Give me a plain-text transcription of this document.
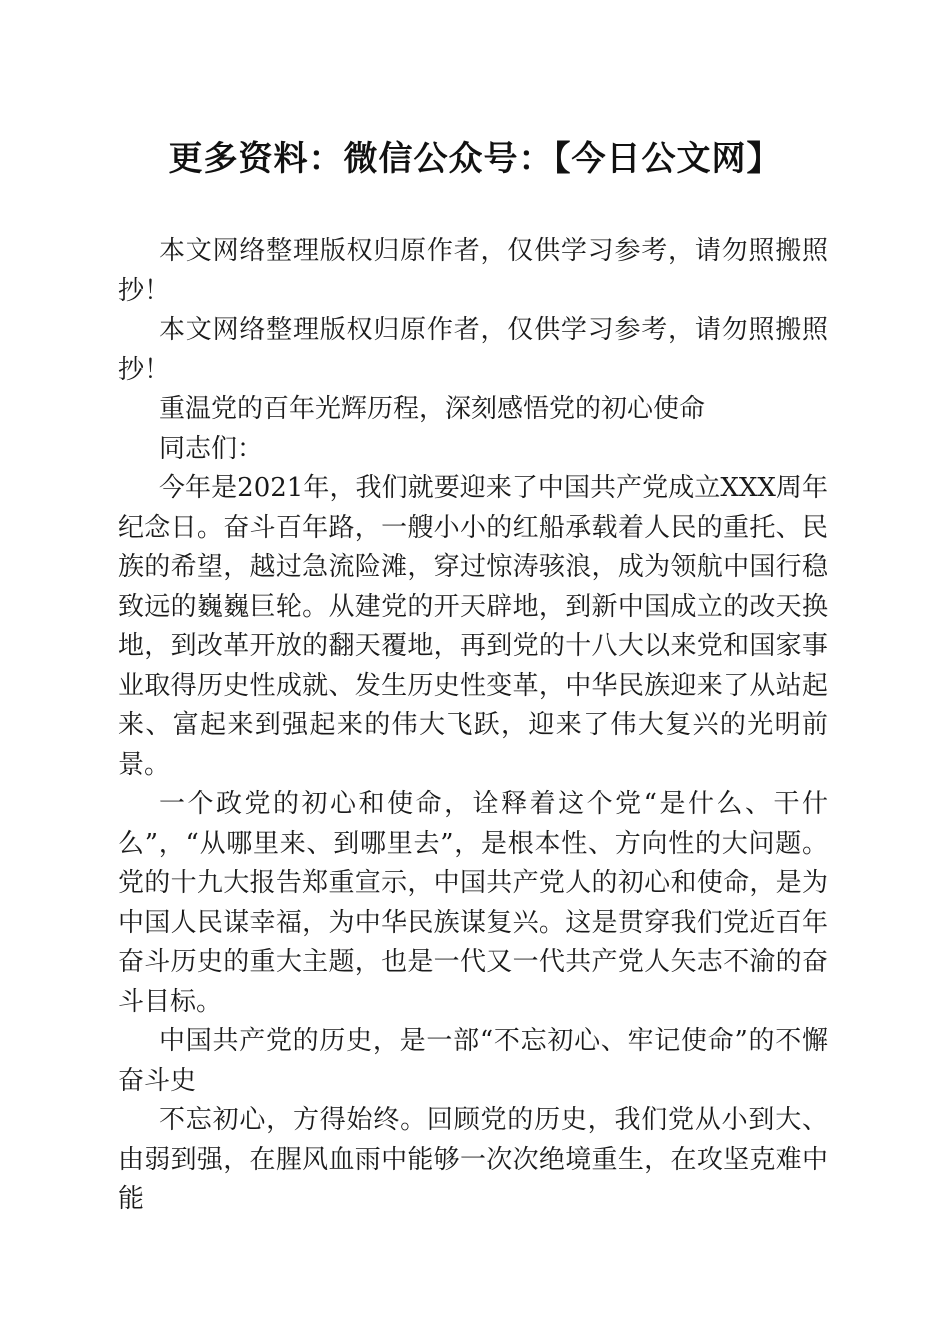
更多资料：微信公众号：【今日公文网】

本文网络整理版权归原作者，仅供学习参考，请勿照搬照抄！

本文网络整理版权归原作者，仅供学习参考，请勿照搬照抄！

重温党的百年光辉历程，深刻感悟党的初心使命

同志们：

今年是2021年，我们就要迎来了中国共产党成立XXX周年纪念日。奋斗百年路，一艘小小的红船承载着人民的重托、民族的希望，越过急流险滩，穿过惊涛骇浪，成为领航中国行稳致远的巍巍巨轮。从建党的开天辟地，到新中国成立的改天换地，到改革开放的翻天覆地，再到党的十八大以来党和国家事业取得历史性成就、发生历史性变革，中华民族迎来了从站起来、富起来到强起来的伟大飞跃，迎来了伟大复兴的光明前景。

一个政党的初心和使命，诠释着这个党“是什么、干什么”，“从哪里来、到哪里去”，是根本性、方向性的大问题。党的十九大报告郑重宣示，中国共产党人的初心和使命，是为中国人民谋幸福，为中华民族谋复兴。这是贯穿我们党近百年奋斗历史的重大主题，也是一代又一代共产党人矢志不渝的奋斗目标。

中国共产党的历史，是一部“不忘初心、牢记使命”的不懈奋斗史

不忘初心，方得始终。回顾党的历史，我们党从小到大、由弱到强，在腥风血雨中能够一次次绝境重生，在攻坚克难中能
